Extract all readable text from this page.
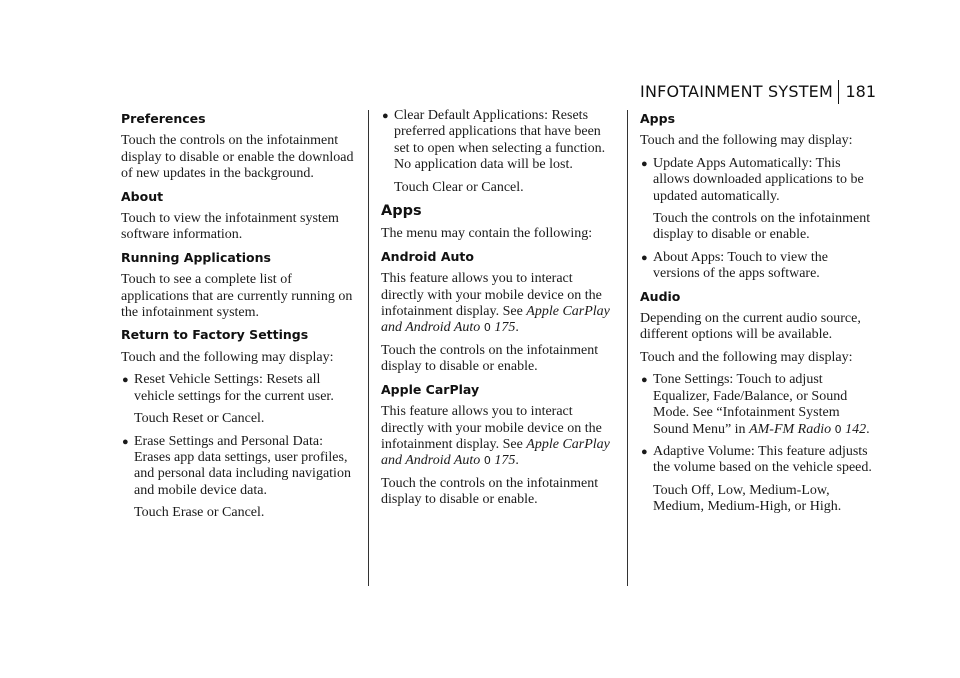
INFOTAINMENT SYSTEM 181
Preferences

Touch the controls on the infotainment display to disable or enable the download of new updates in the background.

About

Touch to view the infotainment system software information.

Running Applications

Touch to see a complete list of applications that are currently running on the infotainment system.

Return to Factory Settings

Touch and the following may display:

● Reset Vehicle Settings: Resets all vehicle settings for the current user.

Touch Reset or Cancel.

● Erase Settings and Personal Data: Erases app data settings, user profiles, and personal data including navigation and mobile device data.

Touch Erase or Cancel.

● Clear Default Applications: Resets preferred applications that have been set to open when selecting a function. No application data will be lost.

Touch Clear or Cancel.

Apps

The menu may contain the following:

Android Auto

This feature allows you to interact directly with your mobile device on the infotainment display. See Apple CarPlay and Android Auto 0 175.

Touch the controls on the infotainment display to disable or enable.

Apple CarPlay

This feature allows you to interact directly with your mobile device on the infotainment display. See Apple CarPlay and Android Auto 0 175.

Touch the controls on the infotainment display to disable or enable.

Apps

Touch and the following may display:

● Update Apps Automatically: This allows downloaded applications to be updated automatically.

Touch the controls on the infotainment display to disable or enable.

● About Apps: Touch to view the versions of the apps software.
Audio

Depending on the current audio source, different options will be available.

Touch and the following may display:

● Tone Settings: Touch to adjust Equalizer, Fade/Balance, or Sound Mode. See “Infotainment System Sound Menu” in AM-FM Radio 0 142.
● Adaptive Volume: This feature adjusts the volume based on the vehicle speed.

Touch Off, Low, Medium-Low, Medium, Medium-High, or High.
